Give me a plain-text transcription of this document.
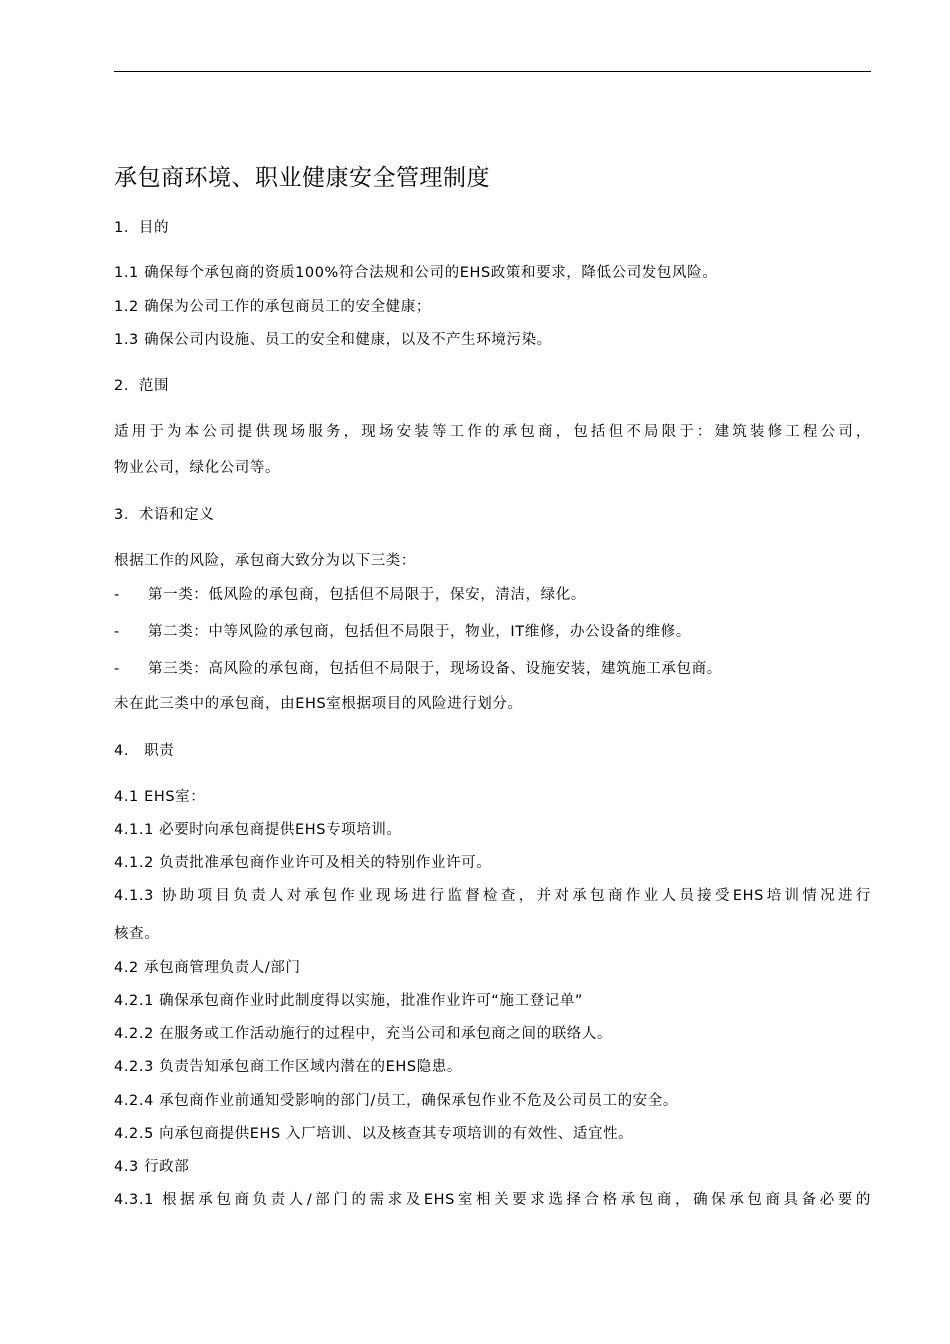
承包商环境、职业健康安全管理制度
1．目的
1.1 确保每个承包商的资质100%符合法规和公司的EHS政策和要求，降低公司发包风险。
1.2 确保为公司工作的承包商员工的安全健康；
1.3 确保公司内设施、员工的安全和健康，以及不产生环境污染。
2．范围
适用于为本公司提供现场服务，现场安装等工作的承包商，包括但不局限于：建筑装修工程公司，
物业公司，绿化公司等。
3．术语和定义
根据工作的风险，承包商大致分为以下三类：
- 第一类：低风险的承包商，包括但不局限于，保安，清洁，绿化。
- 第二类：中等风险的承包商，包括但不局限于，物业，IT维修，办公设备的维修。
- 第三类：高风险的承包商，包括但不局限于，现场设备、设施安装，建筑施工承包商。
未在此三类中的承包商，由EHS室根据项目的风险进行划分。
4． 职责
4.1 EHS室：
4.1.1 必要时向承包商提供EHS专项培训。
4.1.2 负责批准承包商作业许可及相关的特别作业许可。
4.1.3 协助项目负责人对承包作业现场进行监督检查，并对承包商作业人员接受EHS培训情况进行
核查。
4.2 承包商管理负责人/部门
4.2.1 确保承包商作业时此制度得以实施，批准作业许可“施工登记单”
4.2.2 在服务或工作活动施行的过程中，充当公司和承包商之间的联络人。
4.2.3 负责告知承包商工作区域内潜在的EHS隐患。
4.2.4 承包商作业前通知受影响的部门/员工，确保承包作业不危及公司员工的安全。
4.2.5 向承包商提供EHS 入厂培训、以及核查其专项培训的有效性、适宜性。
4.3 行政部
4.3.1 根据承包商负责人/部门的需求及EHS室相关要求选择合格承包商，确保承包商具备必要的
